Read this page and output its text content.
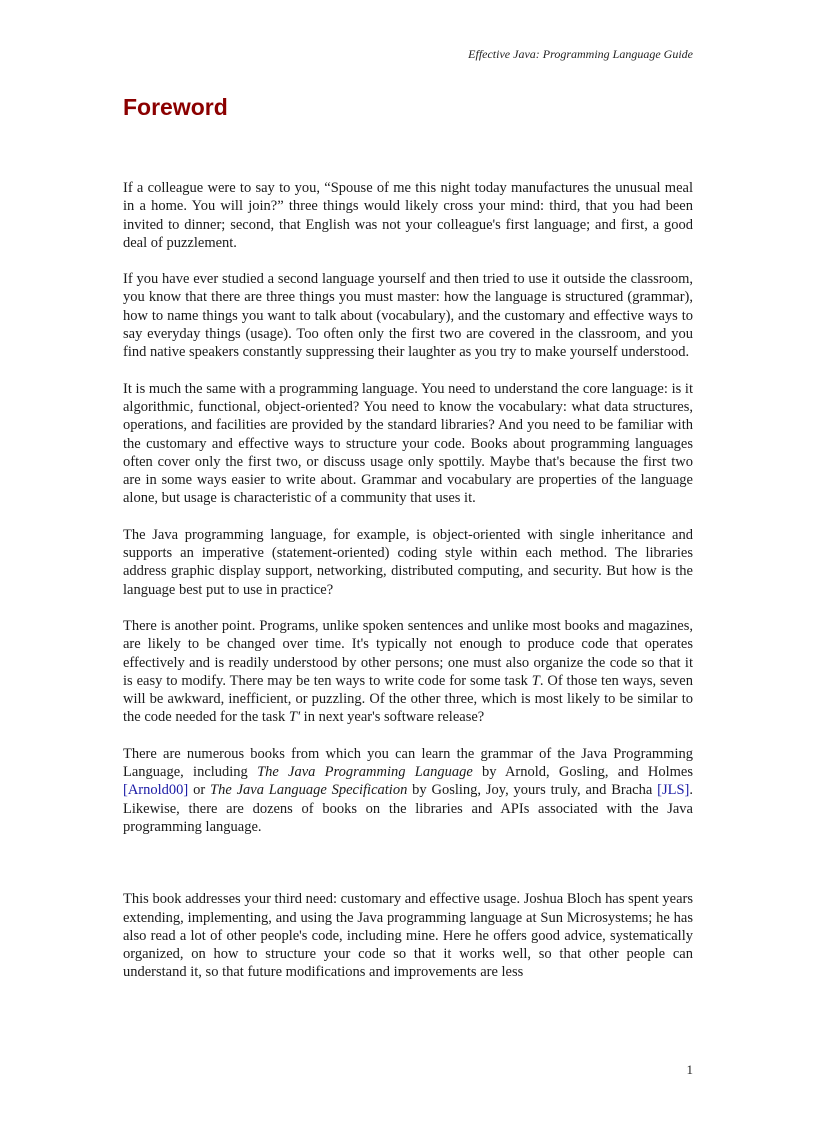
Effective Java: Programming Language Guide
Foreword

If a colleague were to say to you, “Spouse of me this night today manufactures the unusual meal in a home. You will join?” three things would likely cross your mind: third, that you had been invited to dinner; second, that English was not your colleague's first language; and first, a good deal of puzzlement.

If you have ever studied a second language yourself and then tried to use it outside the classroom, you know that there are three things you must master: how the language is structured (grammar), how to name things you want to talk about (vocabulary), and the customary and effective ways to say everyday things (usage). Too often only the first two are covered in the classroom, and you find native speakers constantly suppressing their laughter as you try to make yourself understood.

It is much the same with a programming language. You need to understand the core language: is it algorithmic, functional, object-oriented? You need to know the vocabulary: what data structures, operations, and facilities are provided by the standard libraries? And you need to be familiar with the customary and effective ways to structure your code. Books about programming languages often cover only the first two, or discuss usage only spottily. Maybe that's because the first two are in some ways easier to write about. Grammar and vocabulary are properties of the language alone, but usage is characteristic of a community that uses it.

The Java programming language, for example, is object-oriented with single inheritance and supports an imperative (statement-oriented) coding style within each method. The libraries address graphic display support, networking, distributed computing, and security. But how is the language best put to use in practice?

There is another point. Programs, unlike spoken sentences and unlike most books and magazines, are likely to be changed over time. It's typically not enough to produce code that operates effectively and is readily understood by other persons; one must also organize the code so that it is easy to modify. There may be ten ways to write code for some task T. Of those ten ways, seven will be awkward, inefficient, or puzzling. Of the other three, which is most likely to be similar to the code needed for the task T' in next year's software release?

There are numerous books from which you can learn the grammar of the Java Programming Language, including The Java Programming Language by Arnold, Gosling, and Holmes [Arnold00] or The Java Language Specification by Gosling, Joy, yours truly, and Bracha [JLS]. Likewise, there are dozens of books on the libraries and APIs associated with the Java programming language.

This book addresses your third need: customary and effective usage. Joshua Bloch has spent years extending, implementing, and using the Java programming language at Sun Microsystems; he has also read a lot of other people's code, including mine. Here he offers good advice, systematically organized, on how to structure your code so that it works well, so that other people can understand it, so that future modifications and improvements are less

1
